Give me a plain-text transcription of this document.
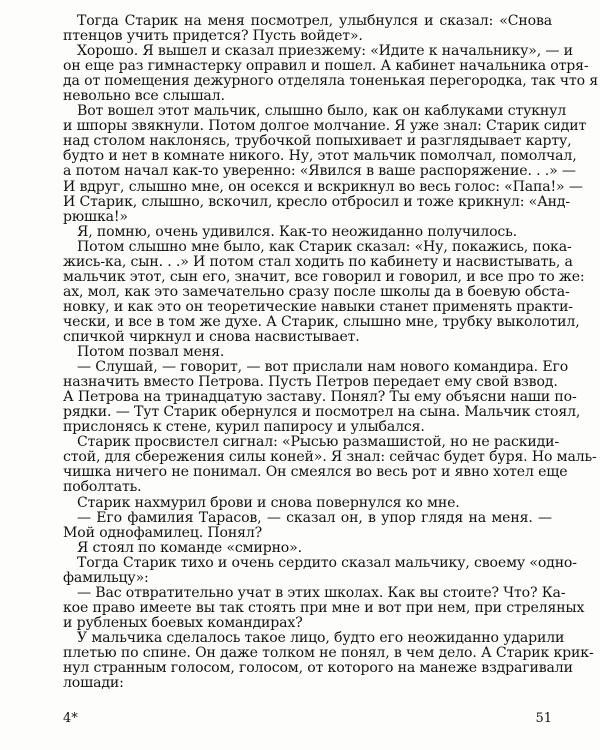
Тогда Старик на меня посмотрел, улыбнулся и сказал: «Снова
птенцов учить придется? Пусть войдет».
Хорошо. Я вышел и сказал приезжему: «Идите к начальнику», — и
он еще раз гимнастерку оправил и пошел. А кабинет начальника отря-
да от помещения дежурного отделяла тоненькая перегородка, так что я
невольно все слышал.
Вот вошел этот мальчик, слышно было, как он каблуками стукнул
и шпоры звякнули. Потом долгое молчание. Я уже знал: Старик сидит
над столом наклонясь, трубочкой попыхивает и разглядывает карту,
будто и нет в комнате никого. Ну, этот мальчик помолчал, помолчал,
а потом начал как-то уверенно: «Явился в ваше распоряжение. . .» —
И вдруг, слышно мне, он осекся и вскрикнул во весь голос: «Папа!» —
И Старик, слышно, вскочил, кресло отбросил и тоже крикнул: «Анд-
рюшка!»
Я, помню, очень удивился. Как-то неожиданно получилось.
Потом слышно мне было, как Старик сказал: «Ну, покажись, пока-
жись-ка, сын. . .» И потом стал ходить по кабинету и насвистывать, а
мальчик этот, сын его, значит, все говорил и говорил, и все про то же:
ах, мол, как это замечательно сразу после школы да в боевую обста-
новку, и как это он теоретические навыки станет применять практи-
чески, и все в том же духе. А Старик, слышно мне, трубку выколотил,
спичкой чиркнул и снова насвистывает.
Потом позвал меня.
— Слушай, — говорит, — вот прислали нам нового командира. Его
назначить вместо Петрова. Пусть Петров передает ему свой взвод.
А Петрова на тринадцатую заставу. Понял? Ты ему объясни наши по-
рядки. — Тут Старик обернулся и посмотрел на сына. Мальчик стоял,
прислонясь к стене, курил папиросу и улыбался.
Старик просвистел сигнал: «Рысью размашистой, но не раскиди-
стой, для сбережения силы коней». Я знал: сейчас будет буря. Но маль-
чишка ничего не понимал. Он смеялся во весь рот и явно хотел еще
поболтать.
Старик нахмурил брови и снова повернулся ко мне.
— Его фамилия Тарасов, — сказал он, в упор глядя на меня. —
Мой однофамилец. Понял?
Я стоял по команде «смирно».
Тогда Старик тихо и очень сердито сказал мальчику, своему «одно-
фамильцу»:
— Вас отвратительно учат в этих школах. Как вы стоите? Что? Ка-
кое право имеете вы так стоять при мне и вот при нем, при стреляных
и рубленых боевых командирах?
У мальчика сделалось такое лицо, будто его неожиданно ударили
плетью по спине. Он даже толком не понял, в чем дело. А Старик крик-
нул странным голосом, голосом, от которого на манеже вздрагивали
лошади:
4*	51
